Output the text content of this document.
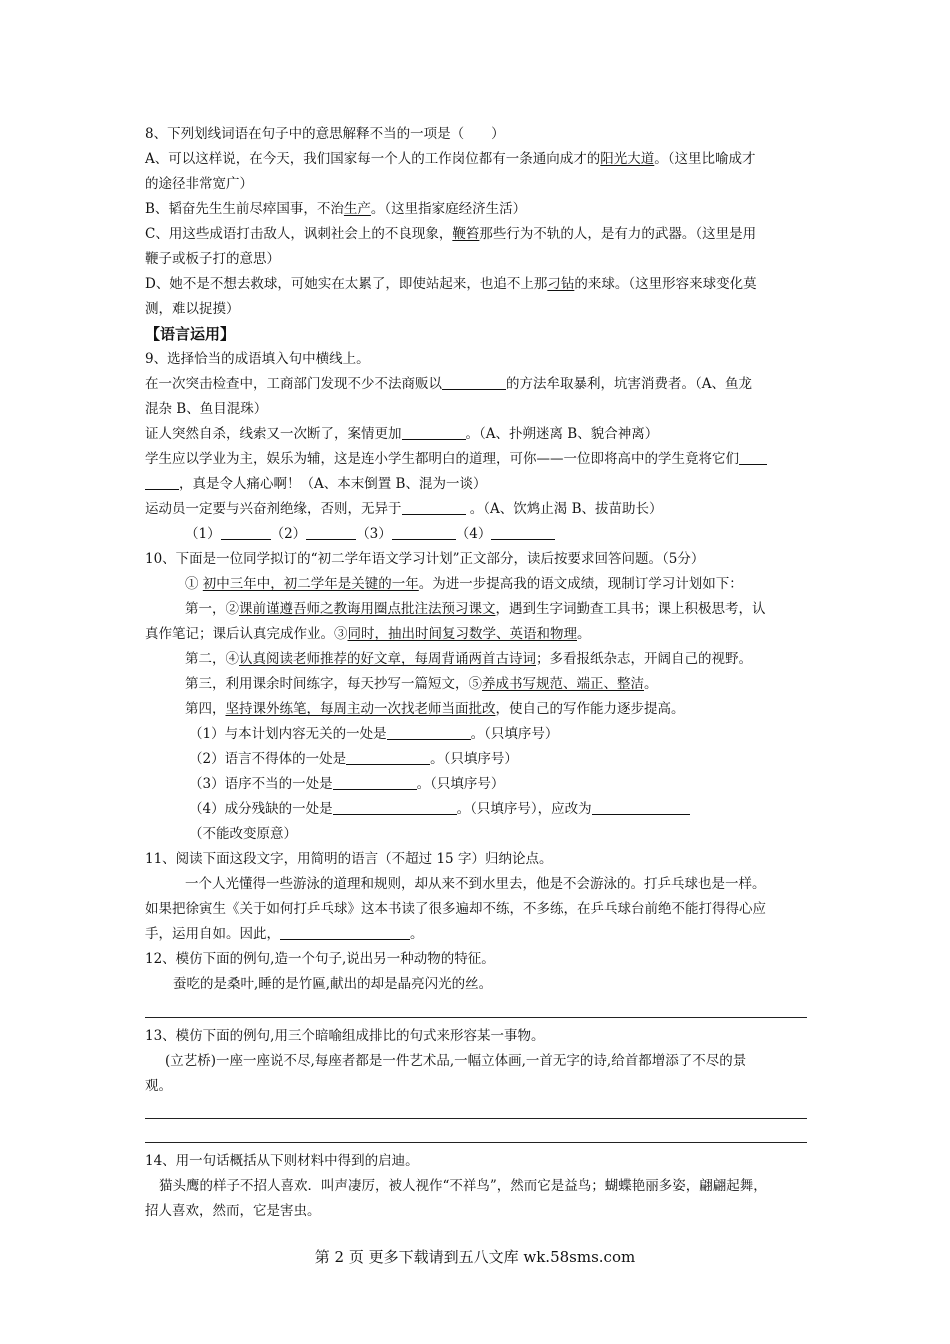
8、下列划线词语在句子中的意思解释不当的一项是（　　）
A、可以这样说，在今天，我们国家每一个人的工作岗位都有一条通向成才的阳光大道。（这里比喻成才
的途径非常宽广）
B、韬奋先生生前尽瘁国事，不治生产。（这里指家庭经济生活）
C、用这些成语打击敌人，讽刺社会上的不良现象，鞭笞那些行为不轨的人，是有力的武器。（这里是用
鞭子或板子打的意思）
D、她不是不想去救球，可她实在太累了，即使站起来，也追不上那刁钻的来球。（这里形容来球变化莫
测，难以捉摸）
【语言运用】
9、选择恰当的成语填入句中横线上。
在一次突击检查中，工商部门发现不少不法商贩以	的方法牟取暴利，坑害消费者。（A、鱼龙
混杂 B、鱼目混珠）
证人突然自杀，线索又一次断了，案情更加	。（A、扑朔迷离 B、貌合神离）
学生应以学业为主，娱乐为辅，这是连小学生都明白的道理，可你——一位即将高中的学生竟将它们
，真是令人痛心啊！（A、本末倒置 B、混为一谈）
运动员一定要与兴奋剂绝缘，否则，无异于	。（A、饮鸩止渴 B、拔苗助长）
（1）	（2）	（3）	（4）
10、下面是一位同学拟订的“初二学年语文学习计划”正文部分，读后按要求回答问题。（5分）
① 初中三年中，初二学年是关键的一年。为进一步提高我的语文成绩，现制订学习计划如下：
第一，②课前谨遵吾师之教诲用圈点批注法预习课文，遇到生字词勤查工具书；课上积极思考，认
真作笔记；课后认真完成作业。③同时，抽出时间复习数学、英语和物理。
第二，④认真阅读老师推荐的好文章，每周背诵两首古诗词；多看报纸杂志，开阔自己的视野。
第三，利用课余时间练字，每天抄写一篇短文，⑤养成书写规范、端正、整洁。
第四，坚持课外练笔，每周主动一次找老师当面批改，使自己的写作能力逐步提高。
（1）与本计划内容无关的一处是	。（只填序号）
（2）语言不得体的一处是	。（只填序号）
（3）语序不当的一处是	。（只填序号）
（4）成分残缺的一处是	。（只填序号），应改为
（不能改变原意）
11、阅读下面这段文字，用简明的语言（不超过 15 字）归纳论点。
一个人光懂得一些游泳的道理和规则，却从来不到水里去，他是不会游泳的。打乒乓球也是一样。
如果把徐寅生《关于如何打乒乓球》这本书读了很多遍却不练，不多练，在乒乓球台前绝不能打得得心应
手，运用自如。因此，	。
12、模仿下面的例句,造一个句子,说出另一种动物的特征。
蚕吃的是桑叶,睡的是竹匾,献出的却是晶亮闪光的丝。
13、模仿下面的例句,用三个暗喻组成排比的句式来形容某一事物。
(立艺桥)一座一座说不尽,每座者都是一件艺术品,一幅立体画,一首无字的诗,给首都增添了不尽的景
观。
14、用一句话概括从下则材料中得到的启迪。
猫头鹰的样子不招人喜欢．叫声凄厉，被人视作“不祥鸟”，然而它是益鸟；蝴蝶艳丽多姿，翩翩起舞，
招人喜欢，然而，它是害虫。
第 2 页 更多下载请到五八文库 wk.58sms.com
